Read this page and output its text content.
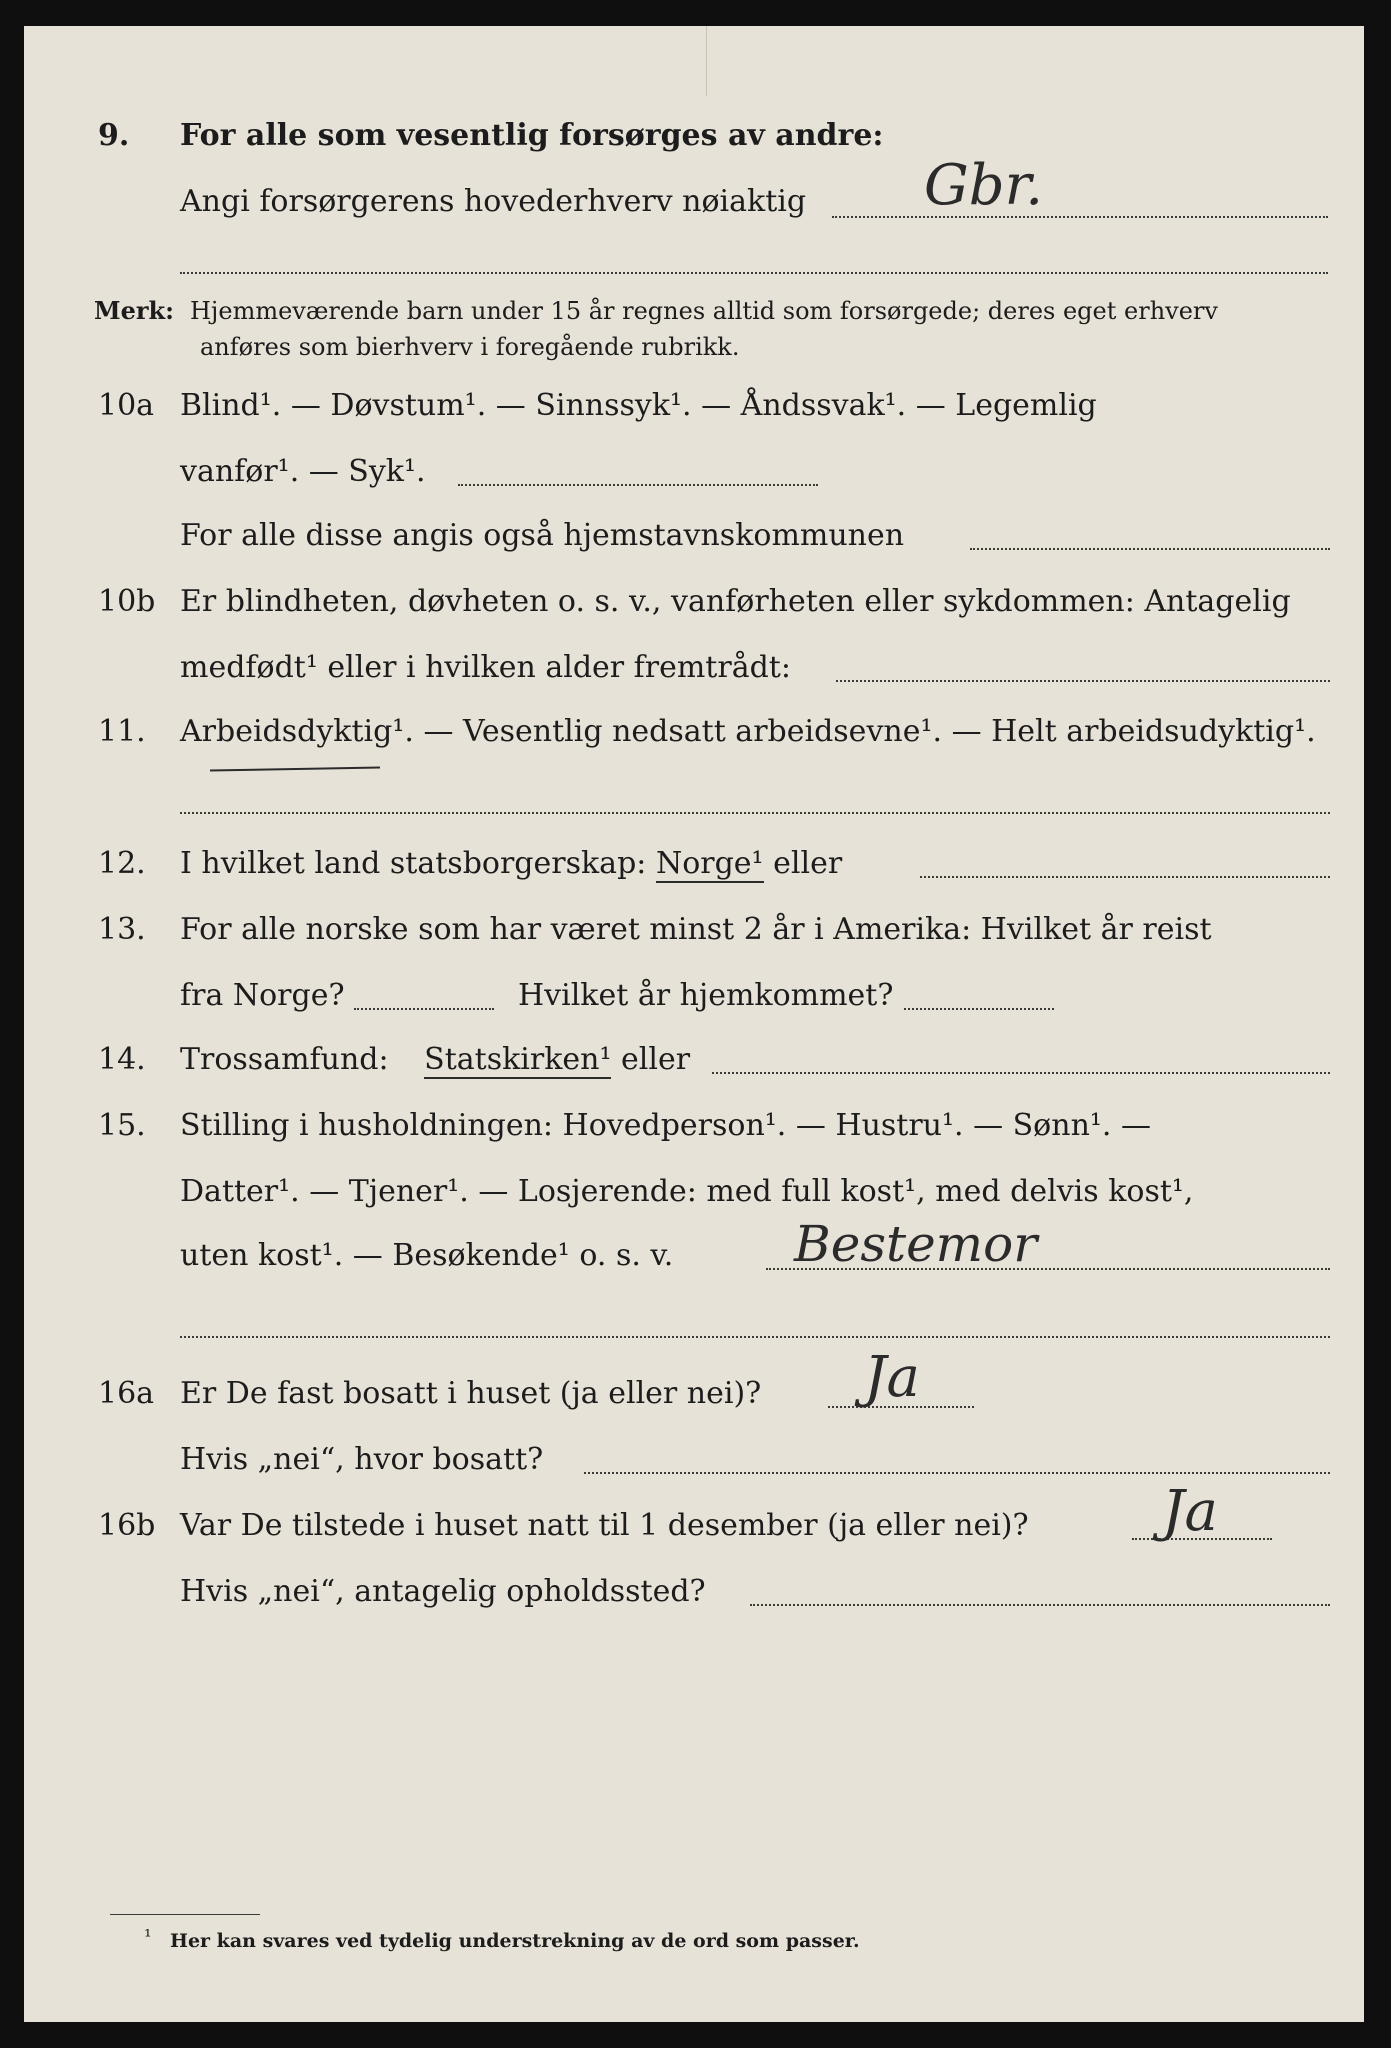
9. For alle som vesentlig forsørges av andre:
Angi forsørgerens hovederhverv nøiaktig Gbr.
Merk: Hjemmeværende barn under 15 år regnes alltid som forsørgede; deres eget erhverv
anføres som bierhverv i foregående rubrikk.
10a Blind¹. — Døvstum¹. — Sinnssyk¹. — Åndssvak¹. — Legemlig
vanfør¹. — Syk¹.
For alle disse angis også hjemstavnskommunen
10b Er blindheten, døvheten o. s. v., vanførheten eller sykdommen: Antagelig
medfødt¹ eller i hvilken alder fremtrådt:
11. Arbeidsdyktig¹. — Vesentlig nedsatt arbeidsevne¹. — Helt arbeidsudyktig¹.
12. I hvilket land statsborgerskap: Norge¹ eller
13. For alle norske som har været minst 2 år i Amerika: Hvilket år reist
fra Norge?	Hvilket år hjemkommet?
14. Trossamfund: Statskirken¹ eller
15. Stilling i husholdningen: Hovedperson¹. — Hustru¹. — Sønn¹. —
Datter¹. — Tjener¹. — Losjerende: med full kost¹, med delvis kost¹,
uten kost¹. — Besøkende¹ o. s. v. Bestemor
16a Er De fast bosatt i huset (ja eller nei)? Ja
Hvis „nei“, hvor bosatt?
16b Var De tilstede i huset natt til 1 desember (ja eller nei)? Ja
Hvis „nei“, antagelig opholdssted?
¹ Her kan svares ved tydelig understrekning av de ord som passer.
